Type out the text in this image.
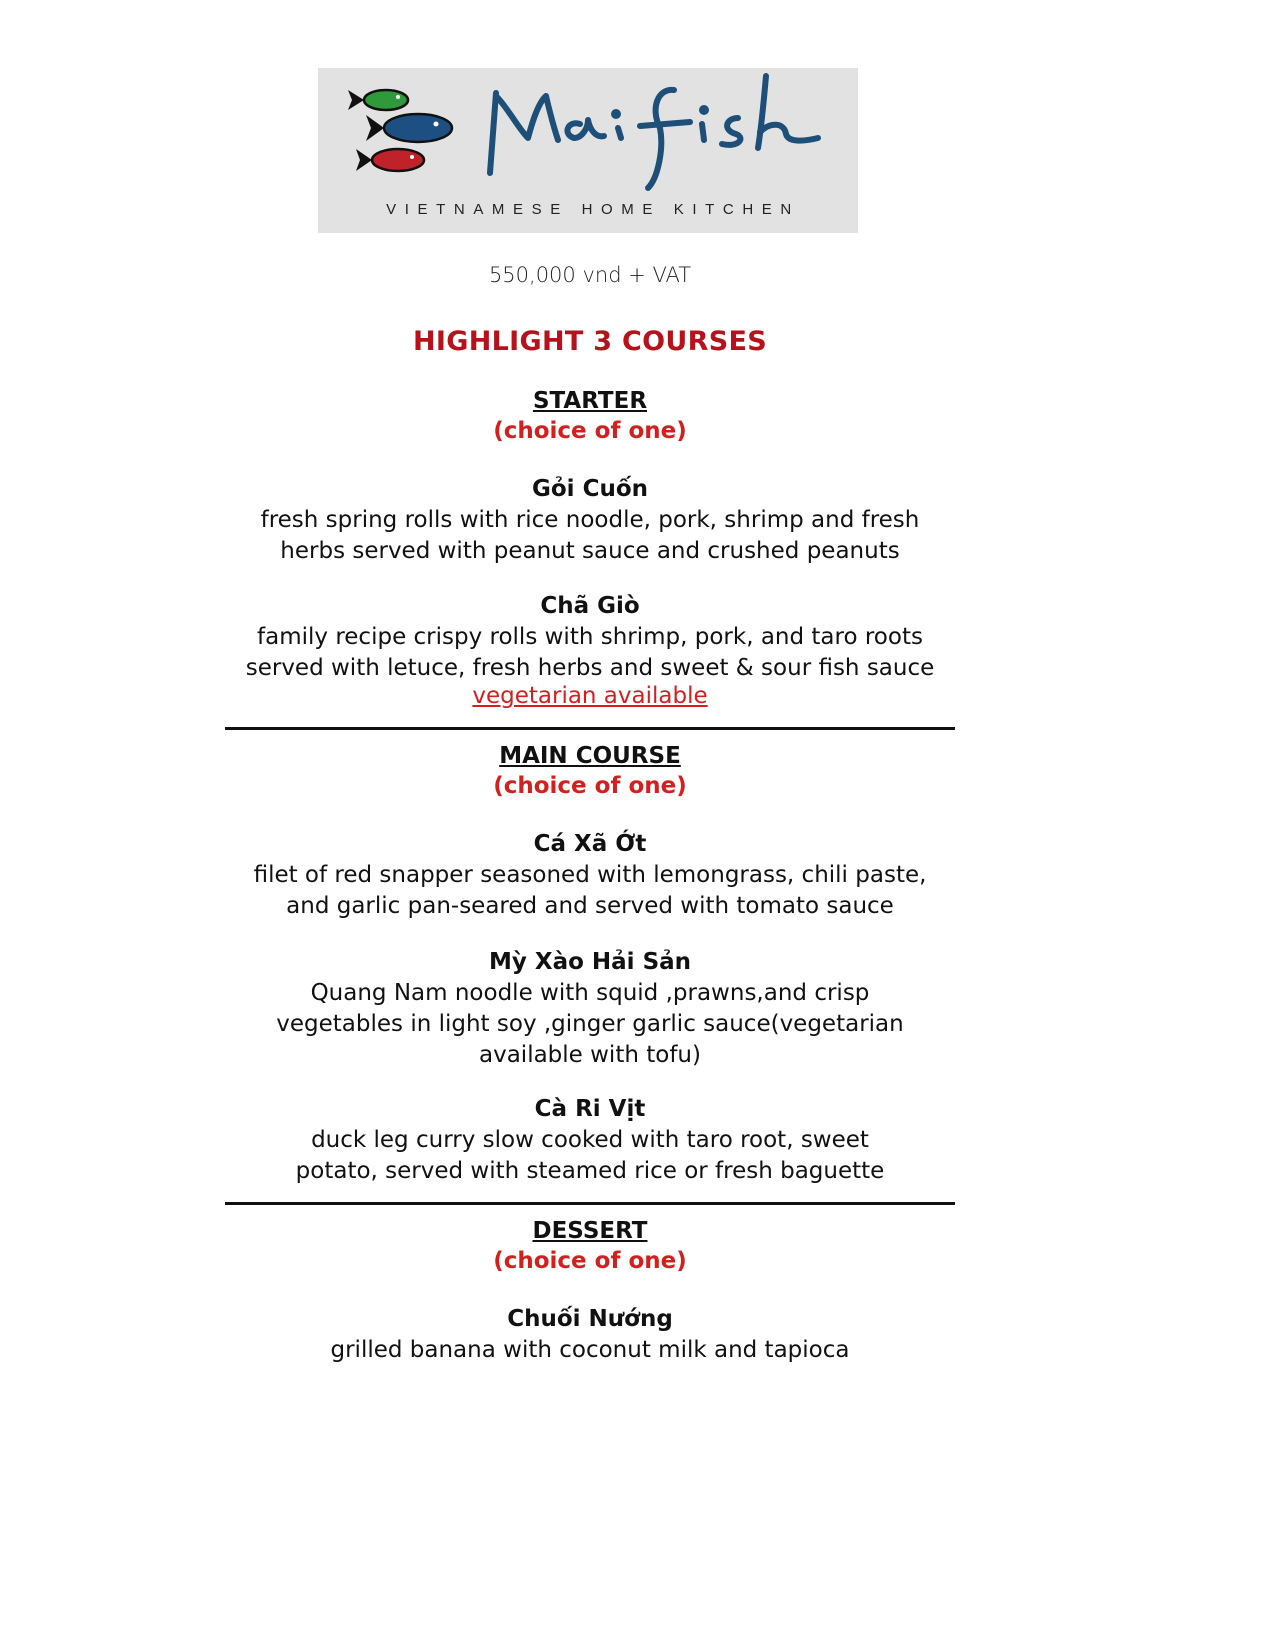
VIETNAMESE HOME KITCHEN
550,000 vnd + VAT
HIGHLIGHT 3 COURSES
STARTER
(choice of one)
Gỏi Cuốn
fresh spring rolls with rice noodle, pork, shrimp and fresh
herbs served with peanut sauce and crushed peanuts
Chã Giò
family recipe crispy rolls with shrimp, pork, and taro roots
served with letuce, fresh herbs and sweet & sour fish sauce
vegetarian available
MAIN COURSE
(choice of one)
Cá Xã Ớt
filet of red snapper seasoned with lemongrass, chili paste,
and garlic pan-seared and served with tomato sauce
Mỳ Xào Hải Sản
Quang Nam noodle with squid ,prawns,and crisp
vegetables in light soy ,ginger garlic sauce(vegetarian
available with tofu)
Cà Ri Vịt
duck leg curry slow cooked with taro root, sweet
potato, served with steamed rice or fresh baguette
DESSERT
(choice of one)
Chuối Nướng
grilled banana with coconut milk and tapioca
